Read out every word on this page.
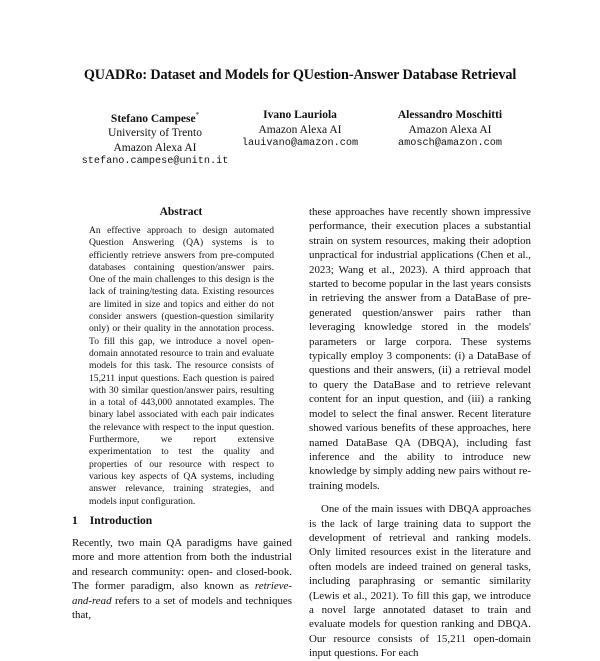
QUADRo: Dataset and Models for QUestion-Answer Database Retrieval
Stefano Campese*
University of Trento
Amazon Alexa AI
stefano.campese@unitn.it
Ivano Lauriola
Amazon Alexa AI
lauivano@amazon.com
Alessandro Moschitti
Amazon Alexa AI
amosch@amazon.com
Abstract

An effective approach to design automated Question Answering (QA) systems is to efficiently retrieve answers from pre-computed databases containing question/answer pairs. One of the main challenges to this design is the lack of training/testing data. Existing resources are limited in size and topics and either do not consider answers (question-question similarity only) or their quality in the annotation process. To fill this gap, we introduce a novel open-domain annotated resource to train and evaluate models for this task. The resource consists of 15,211 input questions. Each question is paired with 30 similar question/answer pairs, resulting in a total of 443,000 annotated examples. The binary label associated with each pair indicates the relevance with respect to the input question. Furthermore, we report extensive experimentation to test the quality and properties of our resource with respect to various key aspects of QA systems, including answer relevance, training strategies, and models input configuration.

1 Introduction

Recently, two main QA paradigms have gained more and more attention from both the industrial and research community: open- and closed-book. The former paradigm, also known as retrieve-and-read refers to a set of models and techniques that,

these approaches have recently shown impressive performance, their execution places a substantial strain on system resources, making their adoption unpractical for industrial applications (Chen et al., 2023; Wang et al., 2023). A third approach that started to become popular in the last years consists in retrieving the answer from a DataBase of pre-generated question/answer pairs rather than leveraging knowledge stored in the models' parameters or large corpora. These systems typically employ 3 components: (i) a DataBase of questions and their answers, (ii) a retrieval model to query the DataBase and to retrieve relevant content for an input question, and (iii) a ranking model to select the final answer. Recent literature showed various benefits of these approaches, here named DataBase QA (DBQA), including fast inference and the ability to introduce new knowledge by simply adding new pairs without re-training models.

One of the main issues with DBQA approaches is the lack of large training data to support the development of retrieval and ranking models. Only limited resources exist in the literature and often models are indeed trained on general tasks, including paraphrasing or semantic similarity (Lewis et al., 2021). To fill this gap, we introduce a novel large annotated dataset to train and evaluate models for question ranking and DBQA. Our resource consists of 15,211 open-domain input questions. For each
